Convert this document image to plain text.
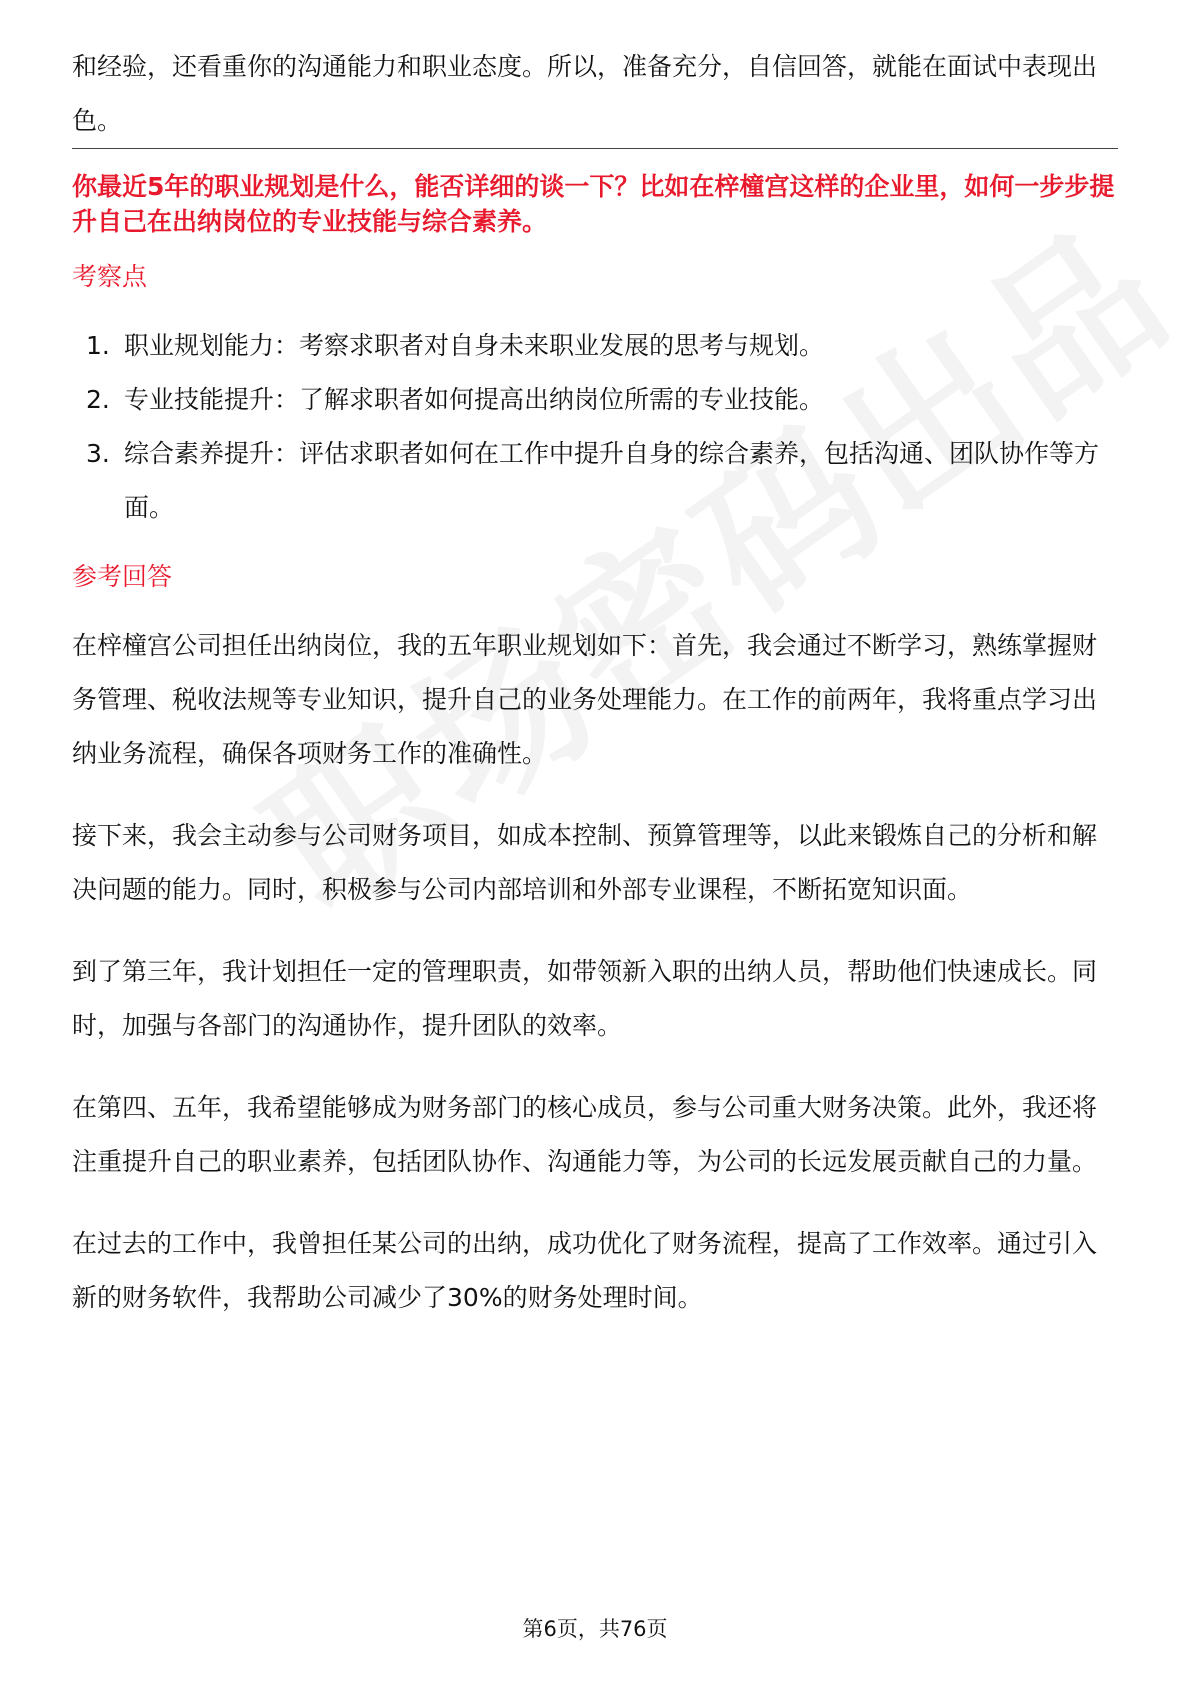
和经验，还看重你的沟通能力和职业态度。所以，准备充分，自信回答，就能在面试中表现出色。

你最近5年的职业规划是什么，能否详细的谈一下？比如在梓橦宫这样的企业里，如何一步步提升自己在出纳岗位的专业技能与综合素养。
考察点
1. 职业规划能力：考察求职者对自身未来职业发展的思考与规划。
2. 专业技能提升：了解求职者如何提高出纳岗位所需的专业技能。
3. 综合素养提升：评估求职者如何在工作中提升自身的综合素养，包括沟通、团队协作等方面。
参考回答

在梓橦宫公司担任出纳岗位，我的五年职业规划如下：首先，我会通过不断学习，熟练掌握财务管理、税收法规等专业知识，提升自己的业务处理能力。在工作的前两年，我将重点学习出纳业务流程，确保各项财务工作的准确性。

接下来，我会主动参与公司财务项目，如成本控制、预算管理等，以此来锻炼自己的分析和解决问题的能力。同时，积极参与公司内部培训和外部专业课程，不断拓宽知识面。

到了第三年，我计划担任一定的管理职责，如带领新入职的出纳人员，帮助他们快速成长。同时，加强与各部门的沟通协作，提升团队的效率。

在第四、五年，我希望能够成为财务部门的核心成员，参与公司重大财务决策。此外，我还将注重提升自己的职业素养，包括团队协作、沟通能力等，为公司的长远发展贡献自己的力量。

在过去的工作中，我曾担任某公司的出纳，成功优化了财务流程，提高了工作效率。通过引入新的财务软件，我帮助公司减少了30%的财务处理时间。

第6页，共76页
